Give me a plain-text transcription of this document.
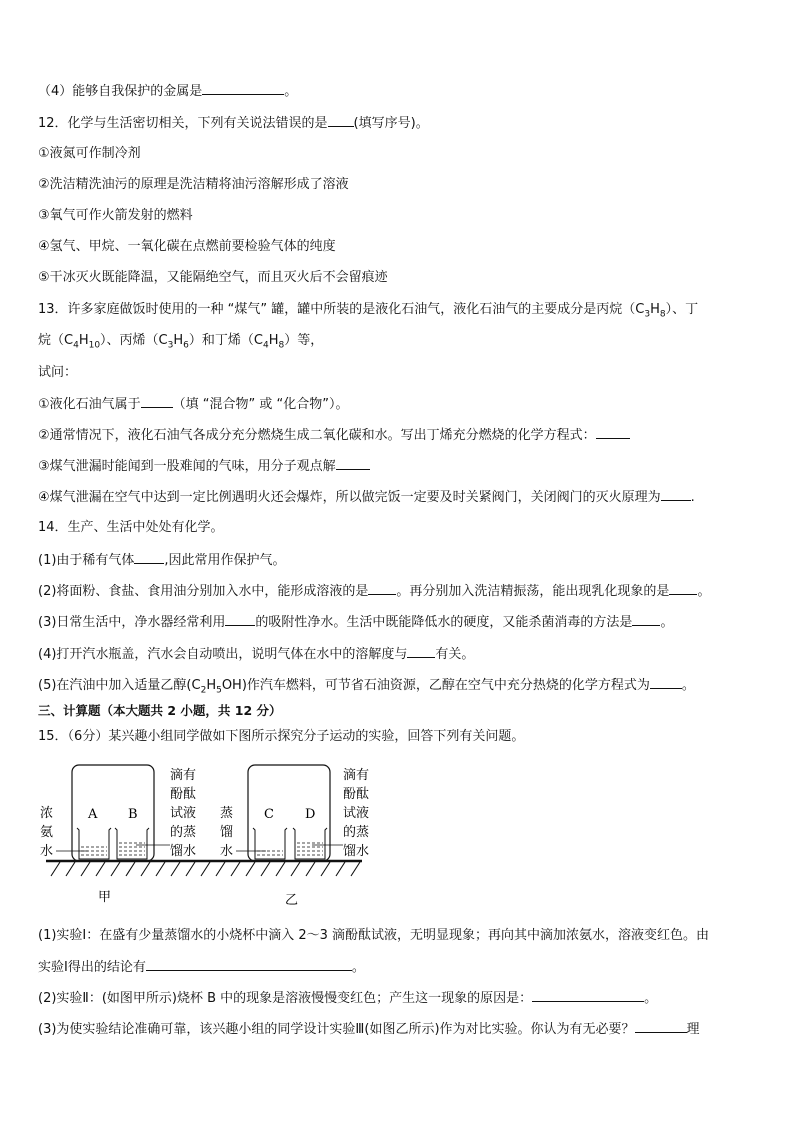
（4）能够自我保护的金属是	。
12．化学与生活密切相关，下列有关说法错误的是 (填写序号)。
①液氮可作制冷剂
②洗洁精洗油污的原理是洗洁精将油污溶解形成了溶液
③氧气可作火箭发射的燃料
④氢气、甲烷、一氧化碳在点燃前要检验气体的纯度
⑤干冰灭火既能降温，又能隔绝空气，而且灭火后不会留痕迹
13．许多家庭做饭时使用的一种 “煤气” 罐，罐中所装的是液化石油气，液化石油气的主要成分是丙烷$(C_3H_8)$、丁
烷$(C_4H_{10})$、丙烯$(C_3H_6)$和丁烯$(C_4H_8)$等，
试问：
①液化石油气属于 （填 “混合物” 或 “化合物”）。
②通常情况下，液化石油气各成分充分燃烧生成二氧化碳和水。写出丁烯充分燃烧的化学方程式：
③煤气泄漏时能闻到一股难闻的气味，用分子观点解
④煤气泄漏在空气中达到一定比例遇明火还会爆炸，所以做完饭一定要及时关紧阀门，关闭阀门的灭火原理为 .
14．生产、生活中处处有化学。
(1)由于稀有气体 ,因此常用作保护气。
(2)将面粉、食盐、食用油分别加入水中，能形成溶液的是 。再分别加入洗洁精振荡，能出现乳化现象的是 。
(3)日常生活中，净水器经常利用 的吸附性净水。生活中既能降低水的硬度，又能杀菌消毒的方法是 。
(4)打开汽水瓶盖，汽水会自动喷出，说明气体在水中的溶解度与 有关。
(5)在汽油中加入适量乙醇$(C_2H_5OH)$作汽车燃料，可节省石油资源，乙醇在空气中充分热烧的化学方程式为 。
三、计算题（本大题共 2 小题，共 12 分）
15．（6分）某兴趣小组同学做如下图所示探究分子运动的实验，回答下列有关问题。
A B	C D
浓
氨
水
滴有
酚酞
试液
的蒸
馏水
蒸
馏
水
滴有
酚酞
试液
的蒸
馏水
甲	乙
(1)实验Ⅰ：在盛有少量蒸馏水的小烧杯中滴入 2～3 滴酚酞试液，无明显现象；再向其中滴加浓氨水，溶液变红色。由
实验Ⅰ得出的结论有	。
(2)实验Ⅱ：(如图甲所示)烧杯 B 中的现象是溶液慢慢变红色；产生这一现象的原因是：	。
(3)为使实验结论准确可靠，该兴趣小组的同学设计实验Ⅲ(如图乙所示)作为对比实验。你认为有无必要？	理
